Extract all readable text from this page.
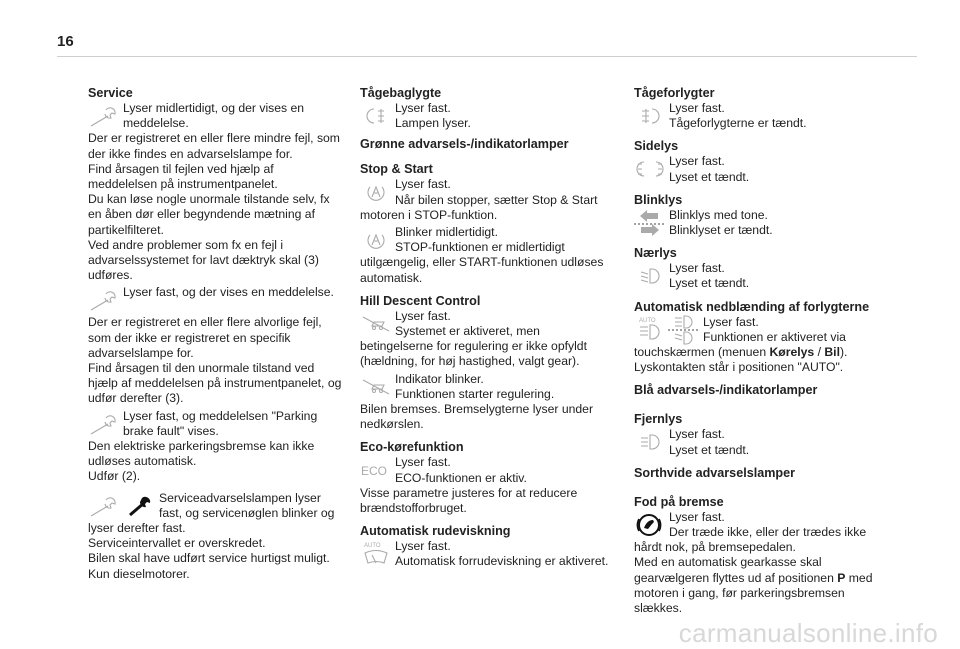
16
Service

Lyser midlertidigt, og der vises en meddelelse.

Der er registreret en eller flere mindre fejl, som der ikke findes en advarselslampe for.

Find årsagen til fejlen ved hjælp af meddelelsen på instrumentpanelet.

Du kan løse nogle unormale tilstande selv, fx en åben dør eller begyndende mætning af partikelfilteret.

Ved andre problemer som fx en fejl i advarselssystemet for lavt dæktryk skal (3) udføres.

Lyser fast, og der vises en meddelelse.

Der er registreret en eller flere alvorlige fejl, som der ikke er registreret en specifik advarselslampe for.

Find årsagen til den unormale tilstand ved hjælp af meddelelsen på instrumentpanelet, og udfør derefter (3).

Lyser fast, og meddelelsen "Parking brake fault" vises.

Den elektriske parkeringsbremse kan ikke udløses automatisk.

Udfør (2).

Serviceadvarselslampen lyser fast, og servicenøglen blinker og lyser derefter fast.

Serviceintervallet er overskredet.

Bilen skal have udført service hurtigst muligt.

Kun dieselmotorer.

Tågebaglygte

Lyser fast.

Lampen lyser.

Grønne advarsels-/indikatorlamper
Stop & Start

Lyser fast.

Når bilen stopper, sætter Stop & Start motoren i STOP-funktion.

Blinker midlertidigt.

STOP-funktionen er midlertidigt utilgængelig, eller START-funktionen udløses automatisk.

Hill Descent Control

Lyser fast.

Systemet er aktiveret, men betingelserne for regulering er ikke opfyldt (hældning, for høj hastighed, valgt gear).

Indikator blinker.

Funktionen starter regulering.

Bilen bremses. Bremselygterne lyser under nedkørslen.

Eco-kørefunktion
ECO

Lyser fast.

ECO-funktionen er aktiv.

Visse parametre justeres for at reducere brændstofforbruget.

Automatisk rudeviskning
AUTO	Lyser fast.

Automatisk forrudeviskning er aktiveret.

Tågeforlygter

Lyser fast.

Tågeforlygterne er tændt.

Sidelys

Lyser fast.

Lyset et tændt.

Blinklys

Blinklys med tone.

Blinklyset er tændt.

Nærlys

Lyser fast.

Lyset et tændt.

Automatisk nedblænding af forlygterne
AUTO	Lyser fast.

Funktionen er aktiveret via touchskærmen (menuen Kørelys / Bil).

Lyskontakten står i positionen "AUTO".

Blå advarsels-/indikatorlamper
Fjernlys

Lyser fast.

Lyset et tændt.

Sorthvide advarselslamper
Fod på bremse

Lyser fast.

Der træde ikke, eller der trædes ikke hårdt nok, på bremsepedalen.

Med en automatisk gearkasse skal gearvælgeren flyttes ud af positionen P med motoren i gang, før parkeringsbremsen slækkes.

carmanualsonline.info
